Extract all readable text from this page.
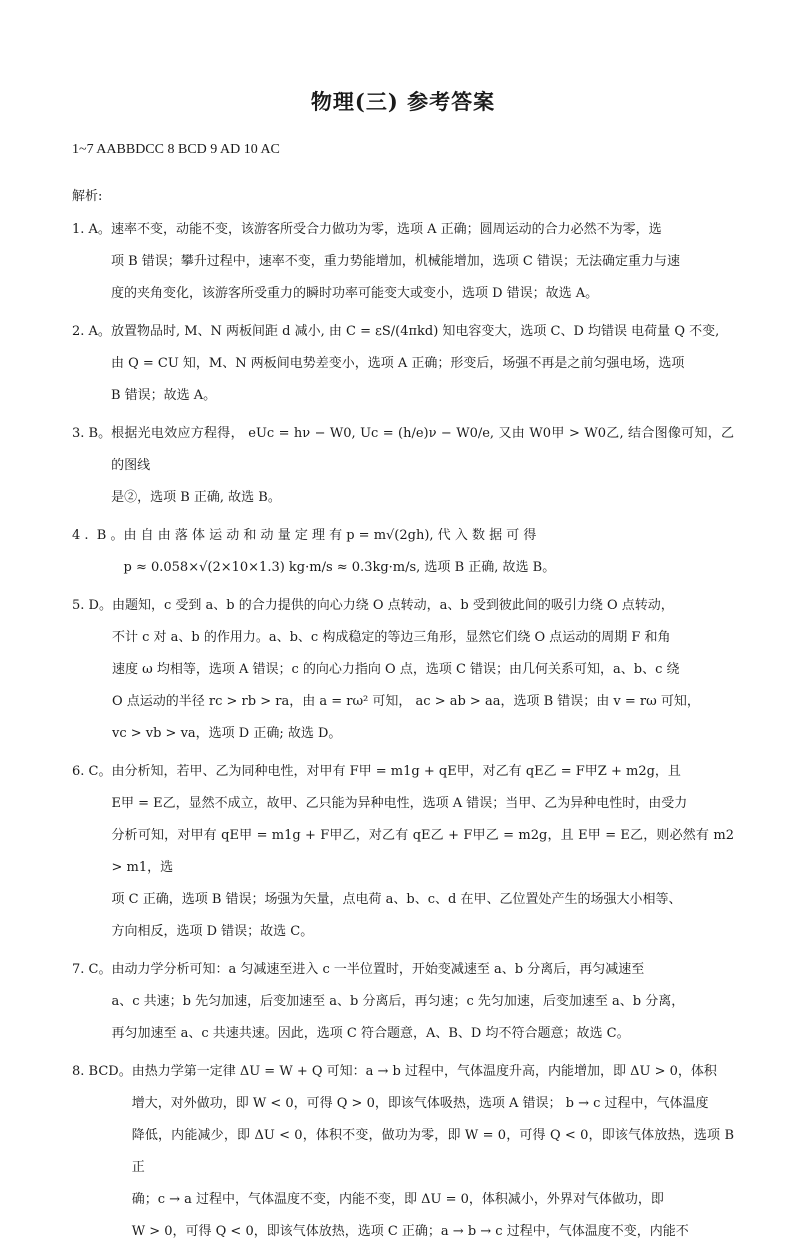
物理(三) 参考答案
1~7 AABBDCC 8 BCD 9 AD 10 AC
解析:
1. A。 速率不变，动能不变，该游客所受合力做功为零，选项 A 正确；圆周运动的合力必然不为零，选
项 B 错误；攀升过程中，速率不变，重力势能增加，机械能增加，选项 C 错误；无法确定重力与速
度的夹角变化，该游客所受重力的瞬时功率可能变大或变小，选项 D 错误；故选 A。
2. A。 放置物品时, M、N 两板间距 d 减小, 由 C = εS/(4πkd) 知电容变大，选项 C、D 均错误 电荷量 Q 不变,
由 Q = CU 知，M、N 两板间电势差变小，选项 A 正确；形变后，场强不再是之前匀强电场，选项
B 错误；故选 A。
3. B。 根据光电效应方程得， eUc = hν − W0, Uc = (h/e)ν − W0/e, 又由 W0甲 > W0乙, 结合图像可知，乙的图线
是②，选项 B 正确, 故选 B。
4 .  B 。 由 自 由 落 体 运 动 和 动 量 定 理 有 p = m√(2gh), 代 入 数 据 可 得
p ≈ 0.058×√(2×10×1.3) kg·m/s ≈ 0.3kg·m/s, 选项 B 正确, 故选 B。
5. D。 由题知，c 受到 a、b 的合力提供的向心力绕 O 点转动，a、b 受到彼此间的吸引力绕 O 点转动，
不计 c 对 a、b 的作用力。a、b、c 构成稳定的等边三角形，显然它们绕 O 点运动的周期 F 和角
速度 ω 均相等，选项 A 错误；c 的向心力指向 O 点，选项 C 错误；由几何关系可知，a、b、c 绕
O 点运动的半径 rc > rb > ra，由 a = rω² 可知， ac > ab > aa，选项 B 错误；由 v = rω 可知，
vc > vb > va，选项 D 正确; 故选 D。
6. C。 由分析知，若甲、乙为同种电性，对甲有 F甲 = m1g + qE甲，对乙有 qE乙 = F甲Z + m2g，且
E甲 = E乙，显然不成立，故甲、乙只能为异种电性，选项 A 错误；当甲、乙为异种电性时，由受力
分析可知，对甲有 qE甲 = m1g + F甲乙，对乙有 qE乙 + F甲乙 = m2g，且 E甲 = E乙，则必然有 m2 > m1，选
项 C 正确，选项 B 错误；场强为矢量，点电荷 a、b、c、d 在甲、乙位置处产生的场强大小相等、
方向相反，选项 D 错误；故选 C。
7. C。 由动力学分析可知：a 匀减速至进入 c 一半位置时，开始变减速至 a、b 分离后，再匀减速至
a、c 共速；b 先匀加速，后变加速至 a、b 分离后，再匀速；c 先匀加速，后变加速至 a、b 分离，
再匀加速至 a、c 共速共速。因此，选项 C 符合题意，A、B、D 均不符合题意；故选 C。
8. BCD。 由热力学第一定律 ΔU = W + Q 可知：a → b 过程中，气体温度升高，内能增加，即 ΔU > 0，体积
增大，对外做功，即 W < 0，可得 Q > 0，即该气体吸热，选项 A 错误； b → c 过程中，气体温度
降低，内能减少，即 ΔU < 0，体积不变，做功为零，即 W = 0，可得 Q < 0，即该气体放热，选项 B 正
确；c → a 过程中，气体温度不变，内能不变，即 ΔU = 0，体积减小，外界对气体做功，即
W > 0，可得 Q < 0，即该气体放热，选项 C 正确；a → b → c 过程中，气体温度不变，内能不
